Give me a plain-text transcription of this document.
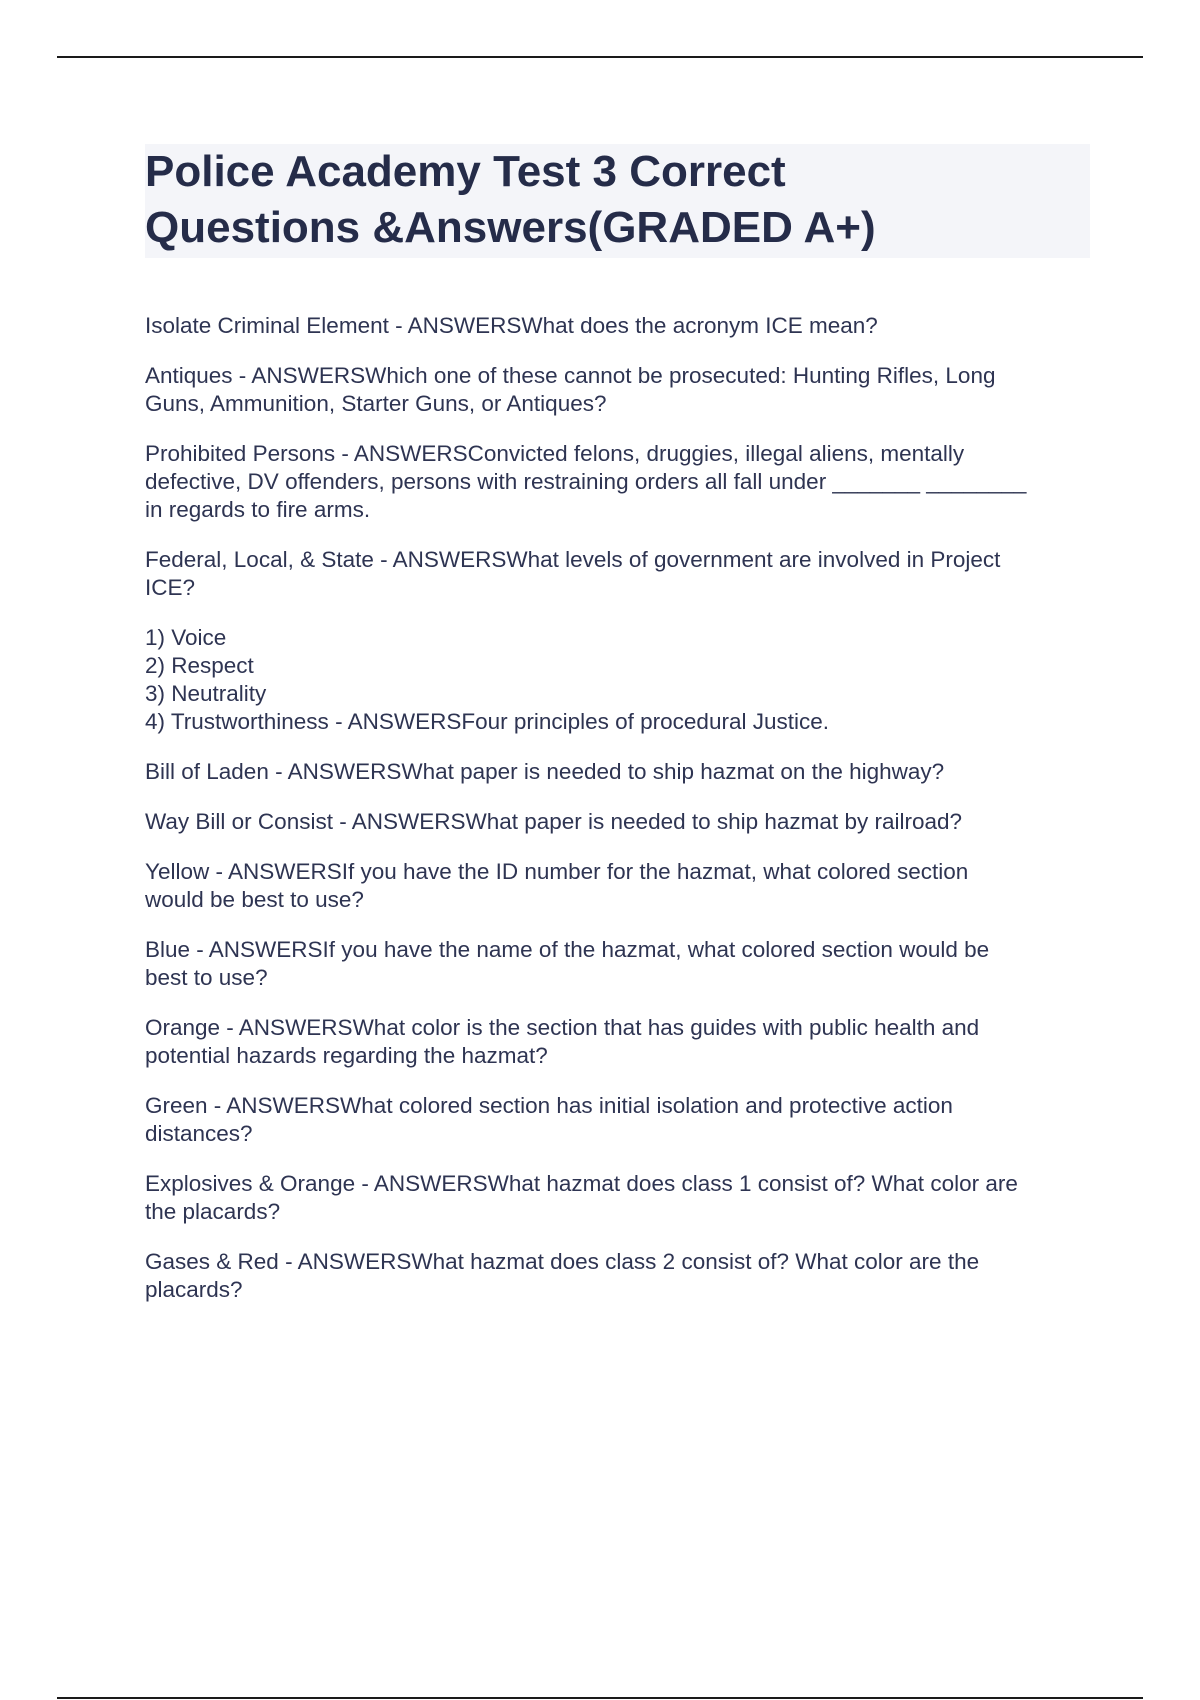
Police Academy Test 3 Correct
Questions &Answers(GRADED A+)

Isolate Criminal Element - ANSWERSWhat does the acronym ICE mean?

Antiques - ANSWERSWhich one of these cannot be prosecuted: Hunting Rifles, Long
Guns, Ammunition, Starter Guns, or Antiques?

Prohibited Persons - ANSWERSConvicted felons, druggies, illegal aliens, mentally
defective, DV offenders, persons with restraining orders all fall under _______ ________
in regards to fire arms.

Federal, Local, & State - ANSWERSWhat levels of government are involved in Project
ICE?

1) Voice
2) Respect
3) Neutrality
4) Trustworthiness - ANSWERSFour principles of procedural Justice.

Bill of Laden - ANSWERSWhat paper is needed to ship hazmat on the highway?

Way Bill or Consist - ANSWERSWhat paper is needed to ship hazmat by railroad?

Yellow - ANSWERSIf you have the ID number for the hazmat, what colored section
would be best to use?

Blue - ANSWERSIf you have the name of the hazmat, what colored section would be
best to use?

Orange - ANSWERSWhat color is the section that has guides with public health and
potential hazards regarding the hazmat?

Green - ANSWERSWhat colored section has initial isolation and protective action
distances?

Explosives & Orange - ANSWERSWhat hazmat does class 1 consist of? What color are
the placards?

Gases & Red - ANSWERSWhat hazmat does class 2 consist of? What color are the
placards?
